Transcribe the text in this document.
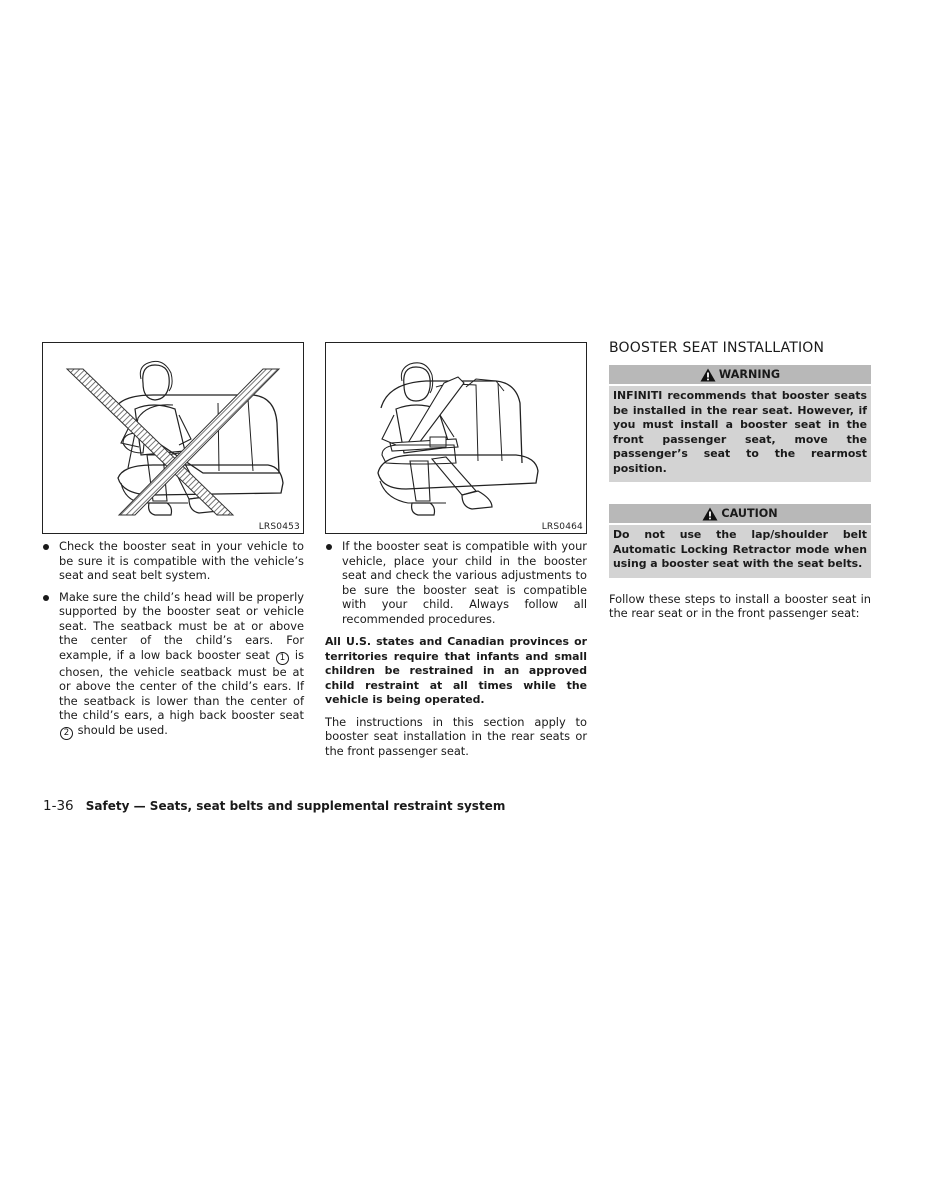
LRS0453

Check the booster seat in your vehicle to be sure it is compatible with the vehicle’s seat and seat belt system.

Make sure the child’s head will be properly supported by the booster seat or vehicle seat. The seatback must be at or above the center of the child’s ears. For example, if a low back booster seat 1 is chosen, the vehicle seatback must be at or above the center of the child’s ears. If the seatback is lower than the center of the child’s ears, a high back booster seat 2 should be used.

LRS0464

If the booster seat is compatible with your vehicle, place your child in the booster seat and check the various adjustments to be sure the booster seat is compatible with your child. Always follow all recommended procedures.

All U.S. states and Canadian provinces or territories require that infants and small children be restrained in an approved child restraint at all times while the vehicle is being operated.

The instructions in this section apply to booster seat installation in the rear seats or the front passenger seat.

BOOSTER SEAT INSTALLATION
WARNING
INFINITI recommends that booster seats be installed in the rear seat. However, if you must install a booster seat in the front passenger seat, move the passenger’s seat to the rearmost position.
CAUTION
Do not use the lap/shoulder belt Automatic Locking Retractor mode when using a booster seat with the seat belts.

Follow these steps to install a booster seat in the rear seat or in the front passenger seat:

1-36 Safety — Seats, seat belts and supplemental restraint system
